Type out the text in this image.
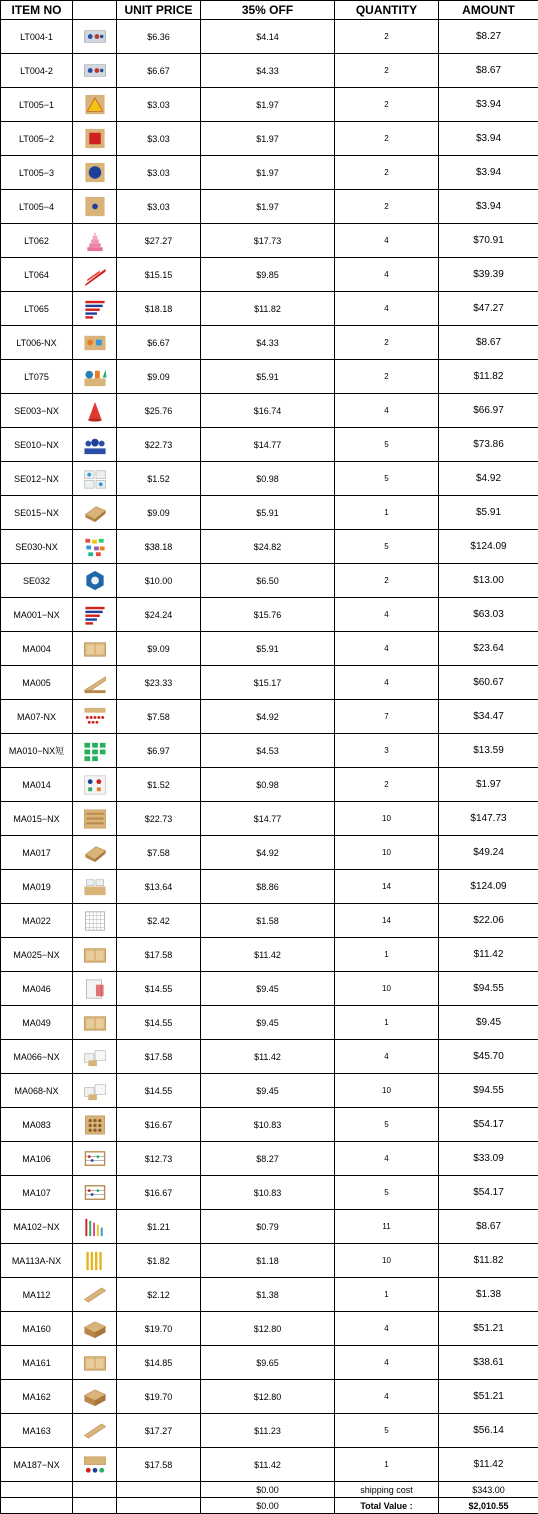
ITEM NO		UNIT PRICE	35% OFF	QUANTITY	AMOUNT
LT004-1		$6.36	$4.14	2	$8.27
LT004-2		$6.67	$4.33	2	$8.67
LT005−1		$3.03	$1.97	2	$3.94
LT005−2		$3.03	$1.97	2	$3.94
LT005−3		$3.03	$1.97	2	$3.94
LT005−4		$3.03	$1.97	2	$3.94
LT062		$27.27	$17.73	4	$70.91
LT064		$15.15	$9.85	4	$39.39
LT065		$18.18	$11.82	4	$47.27
LT006-NX		$6.67	$4.33	2	$8.67
LT075		$9.09	$5.91	2	$11.82
SE003−NX		$25.76	$16.74	4	$66.97
SE010−NX		$22.73	$14.77	5	$73.86
SE012−NX		$1.52	$0.98	5	$4.92
SE015−NX		$9.09	$5.91	1	$5.91
SE030-NX		$38.18	$24.82	5	$124.09
SE032		$10.00	$6.50	2	$13.00
MA001−NX		$24.24	$15.76	4	$63.03
MA004		$9.09	$5.91	4	$23.64
MA005		$23.33	$15.17	4	$60.67
MA07-NX		$7.58	$4.92	7	$34.47
MA010−NX短		$6.97	$4.53	3	$13.59
MA014		$1.52	$0.98	2	$1.97
MA015−NX		$22.73	$14.77	10	$147.73
MA017		$7.58	$4.92	10	$49.24
MA019		$13.64	$8.86	14	$124.09
MA022		$2.42	$1.58	14	$22.06
MA025−NX		$17.58	$11.42	1	$11.42
MA046		$14.55	$9.45	10	$94.55
MA049		$14.55	$9.45	1	$9.45
MA066−NX		$17.58	$11.42	4	$45.70
MA068-NX		$14.55	$9.45	10	$94.55
MA083		$16.67	$10.83	5	$54.17
MA106		$12.73	$8.27	4	$33.09
MA107		$16.67	$10.83	5	$54.17
MA102−NX		$1.21	$0.79	11	$8.67
MA113A-NX		$1.82	$1.18	10	$11.82
MA112		$2.12	$1.38	1	$1.38
MA160		$19.70	$12.80	4	$51.21
MA161		$14.85	$9.65	4	$38.61
MA162		$19.70	$12.80	4	$51.21
MA163		$17.27	$11.23	5	$56.14
MA187−NX		$17.58	$11.42	1	$11.42
			$0.00	shipping cost	$343.00
			$0.00	Total Value :	$2,010.55
